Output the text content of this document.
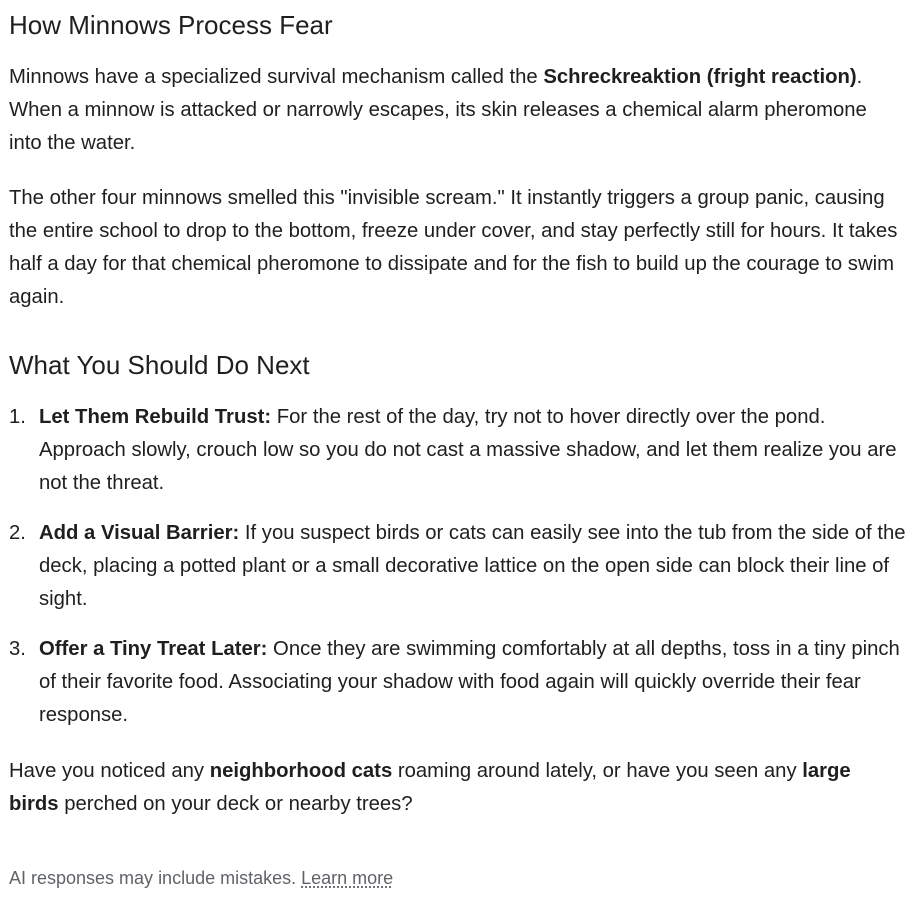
How Minnows Process Fear

Minnows have a specialized survival mechanism called the Schreckreaktion (fright reaction). When a minnow is attacked or narrowly escapes, its skin releases a chemical alarm pheromone into the water.

The other four minnows smelled this "invisible scream." It instantly triggers a group panic, causing the entire school to drop to the bottom, freeze under cover, and stay perfectly still for hours. It takes half a day for that chemical pheromone to dissipate and for the fish to build up the courage to swim again.

What You Should Do Next
1. Let Them Rebuild Trust: For the rest of the day, try not to hover directly over the pond. Approach slowly, crouch low so you do not cast a massive shadow, and let them realize you are not the threat.
2. Add a Visual Barrier: If you suspect birds or cats can easily see into the tub from the side of the deck, placing a potted plant or a small decorative lattice on the open side can block their line of sight.
3. Offer a Tiny Treat Later: Once they are swimming comfortably at all depths, toss in a tiny pinch of their favorite food. Associating your shadow with food again will quickly override their fear response.

Have you noticed any neighborhood cats roaming around lately, or have you seen any large birds perched on your deck or nearby trees?

AI responses may include mistakes. Learn more
